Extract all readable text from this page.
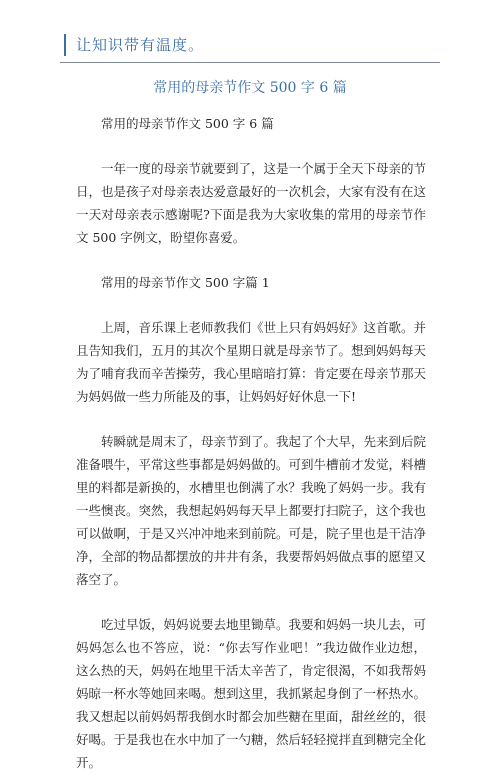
让知识带有温度。
常用的母亲节作文 500 字 6 篇

常用的母亲节作文 500 字 6 篇

一年一度的母亲节就要到了，这是一个属于全天下母亲的节日，也是孩子对母亲表达爱意最好的一次机会，大家有没有在这一天对母亲表示感谢呢?下面是我为大家收集的常用的母亲节作文 500 字例文，盼望你喜爱。

常用的母亲节作文 500 字篇 1

上周，音乐课上老师教我们《世上只有妈妈好》这首歌。并且告知我们，五月的其次个星期日就是母亲节了。想到妈妈每天为了哺育我而辛苦操劳，我心里暗暗打算：肯定要在母亲节那天为妈妈做一些力所能及的事，让妈妈好好休息一下!

转瞬就是周末了，母亲节到了。我起了个大早，先来到后院准备喂牛，平常这些事都是妈妈做的。可到牛槽前才发觉，料槽里的料都是新换的，水槽里也倒满了水？我晚了妈妈一步。我有一些懊丧。突然，我想起妈妈每天早上都要打扫院子，这个我也可以做啊，于是又兴冲冲地来到前院。可是，院子里也是干洁净净，全部的物品都摆放的井井有条，我要帮妈妈做点事的愿望又落空了。

吃过早饭，妈妈说要去地里锄草。我要和妈妈一块儿去，可妈妈怎么也不答应，说：“你去写作业吧！”我边做作业边想，这么热的天，妈妈在地里干活太辛苦了，肯定很渴，不如我帮妈妈晾一杯水等她回来喝。想到这里，我抓紧起身倒了一杯热水。我又想起以前妈妈帮我倒水时都会加些糖在里面，甜丝丝的，很好喝。于是我也在水中加了一勺糖，然后轻轻搅拌直到糖完全化开。
